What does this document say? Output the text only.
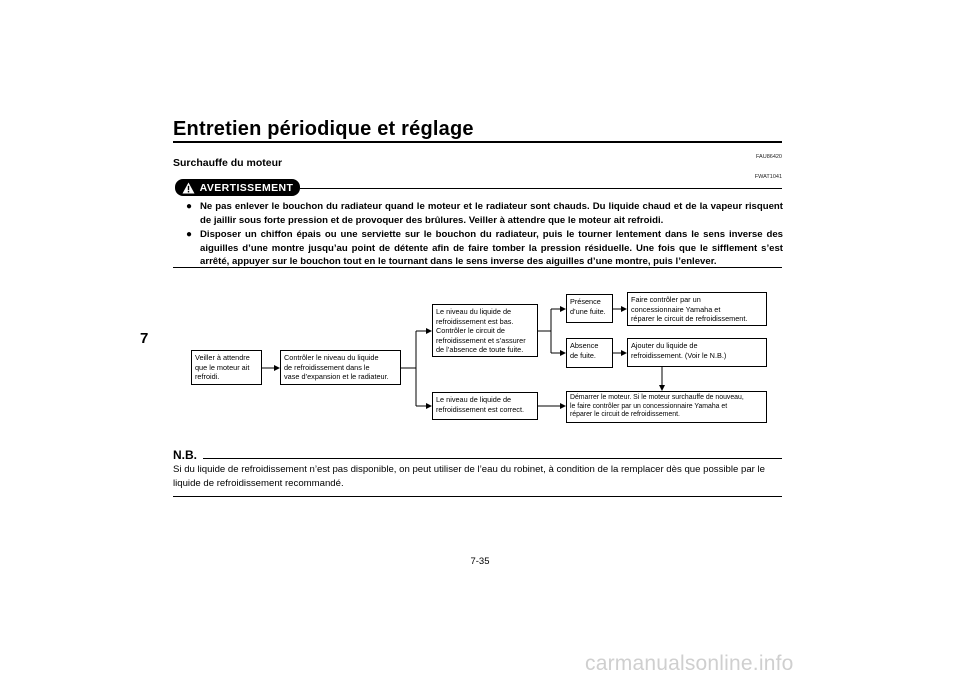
Entretien périodique et réglage
7
FAU86420
Surchauffe du moteur
AVERTISSEMENT
FWAT1041
● Ne pas enlever le bouchon du radiateur quand le moteur et le radiateur sont chauds. Du liquide chaud et de la vapeur risquent de jaillir sous forte pression et de provoquer des brûlures. Veiller à attendre que le moteur ait refroidi.
● Disposer un chiffon épais ou une serviette sur le bouchon du radiateur, puis le tourner lentement dans le sens inverse des aiguilles d’une montre jusqu’au point de détente afin de faire tomber la pression résiduelle. Une fois que le sifflement s’est arrêté, appuyer sur le bouchon tout en le tournant dans le sens inverse des aiguilles d’une montre, puis l’enlever.
Veiller à attendre
que le moteur ait
refroidi.
Contrôler le niveau du liquide
de refroidissement dans le
vase d’expansion et le radiateur.
Le niveau du liquide de
refroidissement est bas.
Contrôler le circuit de
refroidissement et s’assurer
de l’absence de toute fuite.
Le niveau de liquide de
refroidissement est correct.
Présence
d’une fuite.
Faire contrôler par un
concessionnaire Yamaha et
réparer le circuit de refroidissement.
Absence
de fuite.
Ajouter du liquide de
refroidissement. (Voir le N.B.)
Démarrer le moteur. Si le moteur surchauffe de nouveau,
le faire contrôler par un concessionnaire Yamaha et
réparer le circuit de refroidissement.
N.B.
Si du liquide de refroidissement n’est pas disponible, on peut utiliser de l’eau du robinet, à condition de la remplacer dès que possible par le liquide de refroidissement recommandé.
7-35
carmanualsonline.info
